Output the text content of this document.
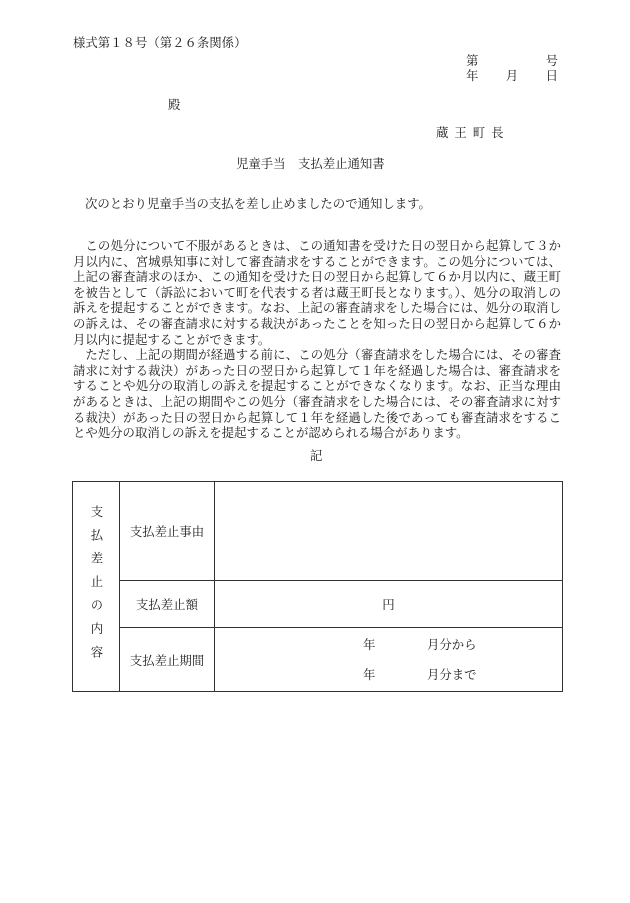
様式第１８号（第２６条関係）
第	号
年 月 日
殿
蔵王町長
児童手当　支払差止通知書
次のとおり児童手当の支払を差し止めましたので通知します。

この処分について不服があるときは、この通知書を受けた日の翌日から起算して３か月以内に、宮城県知事に対して審査請求をすることができます。この処分については、上記の審査請求のほか、この通知を受けた日の翌日から起算して６か月以内に、蔵王町を被告として（訴訟において町を代表する者は蔵王町長となります。）、処分の取消しの訴えを提起することができます。なお、上記の審査請求をした場合には、処分の取消しの訴えは、その審査請求に対する裁決があったことを知った日の翌日から起算して６か月以内に提起することができます。

ただし、上記の期間が経過する前に、この処分（審査請求をした場合には、その審査請求に対する裁決）があった日の翌日から起算して１年を経過した場合は、審査請求をすることや処分の取消しの訴えを提起することができなくなります。なお、正当な理由があるときは、上記の期間やこの処分（審査請求をした場合には、その審査請求に対する裁決）があった日の翌日から起算して１年を経過した後であっても審査請求をすることや処分の取消しの訴えを提起することが認められる場合があります。

記
支払差止の内容	支払差止事由	
	支払差止額	円
	支払差止期間	年 月分から
年 月分まで
